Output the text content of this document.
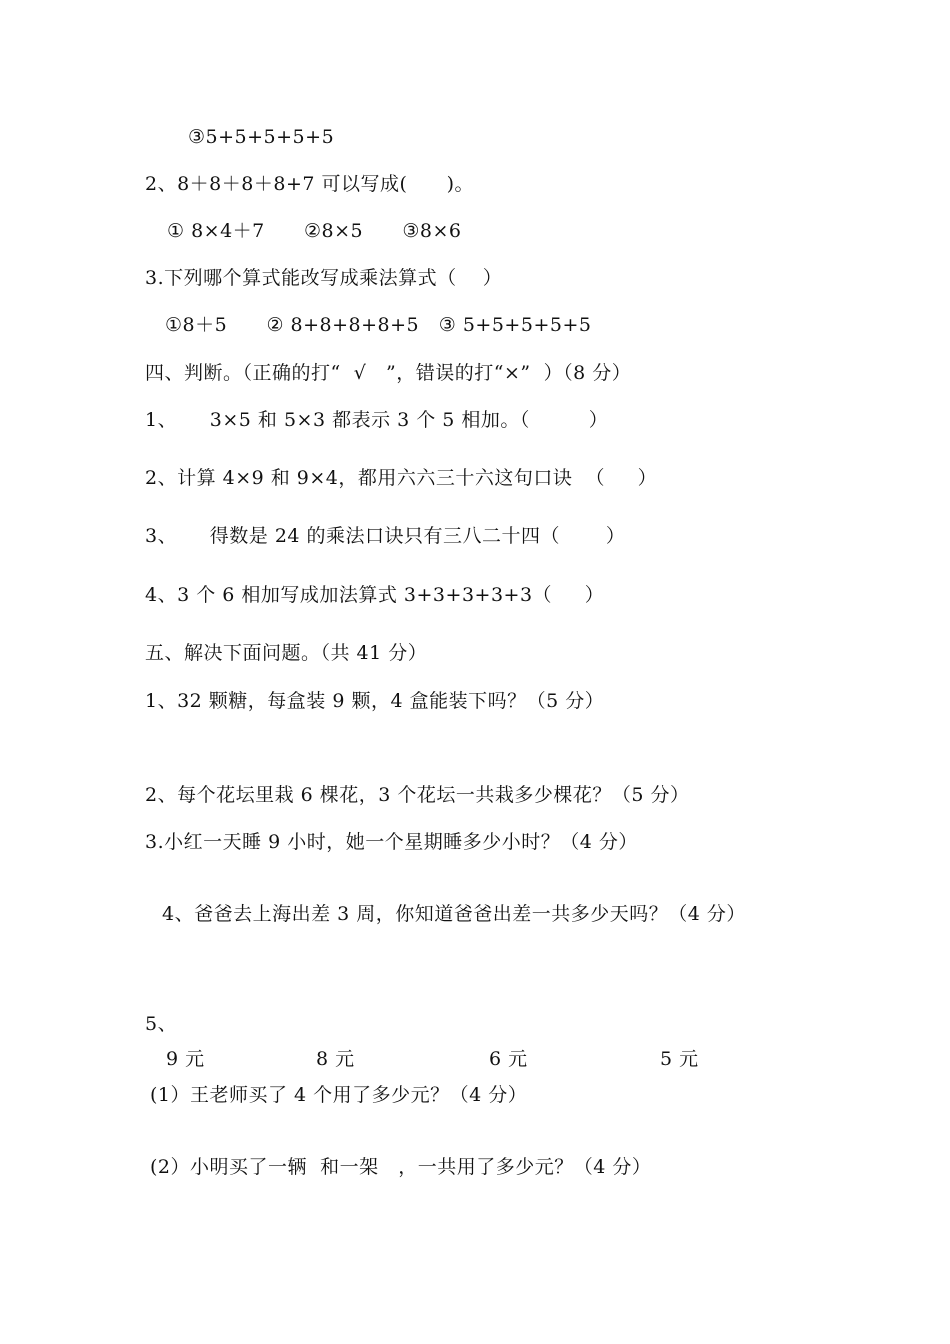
③5+5+5+5+5
2、8＋8＋8＋8+7 可以写成(      )。
① 8×4＋7      ②8×5      ③8×6
3.下列哪个算式能改写成乘法算式（    ）
①8＋5      ② 8+8+8+8+5   ③ 5+5+5+5+5
四、判断。（正确的打“  √   ”，错误的打“×”  ）（8 分）
1、     3×5 和 5×3 都表示 3 个 5 相加。（         ）
2、计算 4×9 和 9×4，都用六六三十六这句口诀  （     ）
3、     得数是 24 的乘法口诀只有三八二十四（       ）
4、3 个 6 相加写成加法算式 3+3+3+3+3（     ）
五、解决下面问题。（共 41 分）
1、32 颗糖，每盒装 9 颗，4 盒能装下吗？（5 分）
2、每个花坛里栽 6 棵花，3 个花坛一共栽多少棵花？（5 分）
3.小红一天睡 9 小时，她一个星期睡多少小时？（4 分）
4、爸爸去上海出差 3 周，你知道爸爸出差一共多少天吗？（4 分）
5、
9 元	8 元	6 元	5 元
(1）王老师买了 4 个用了多少元？（4 分）
(2）小明买了一辆  和一架   ，一共用了多少元？（4 分）
